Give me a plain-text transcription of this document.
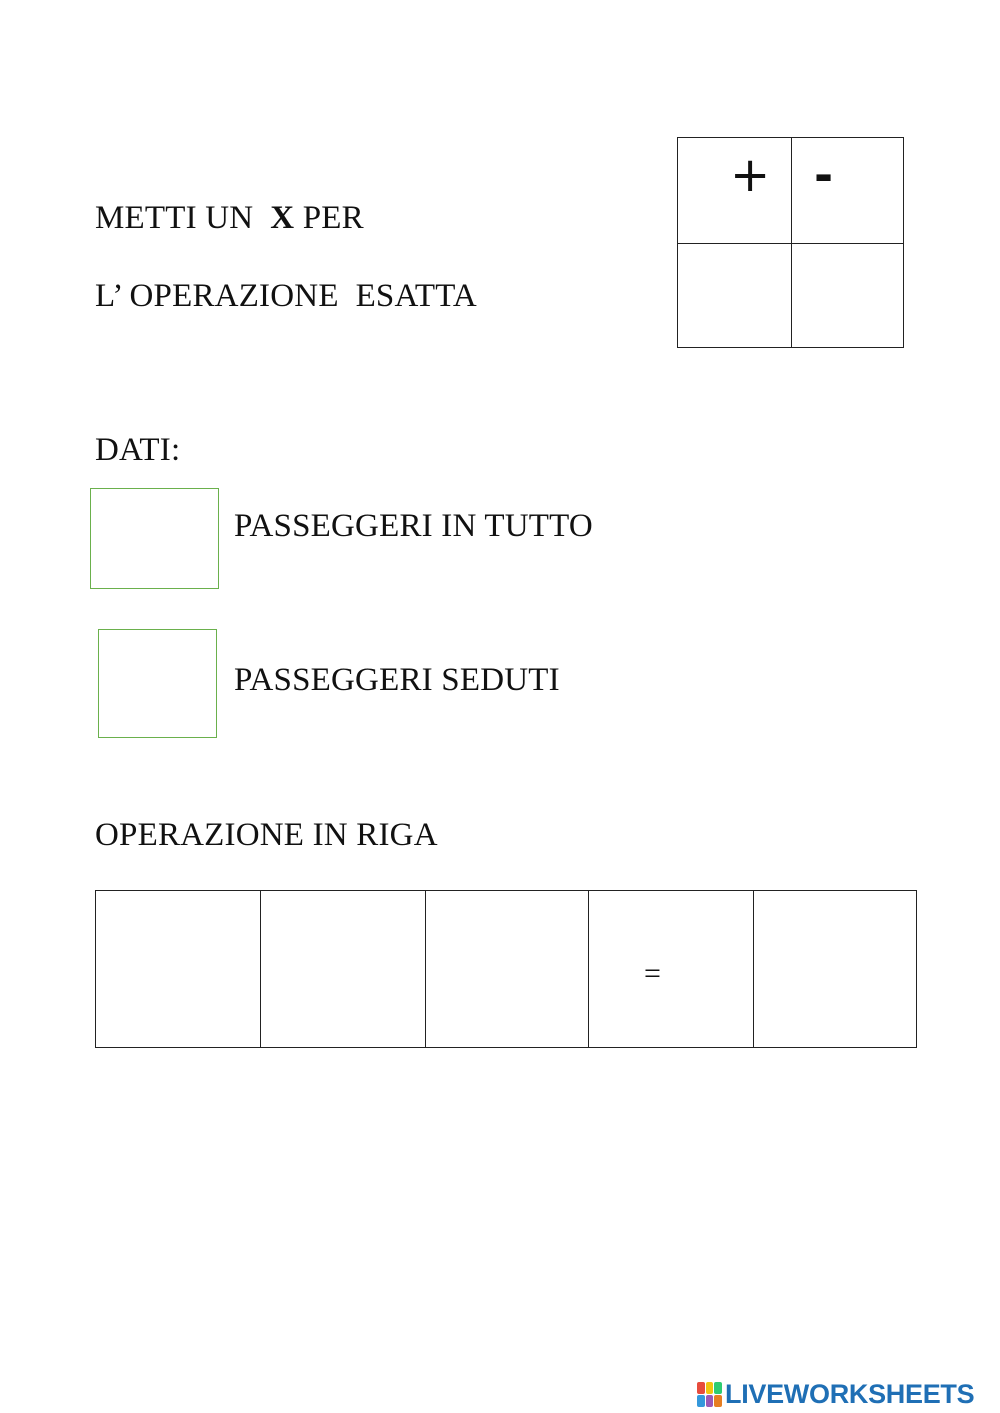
METTI UN  X PER
L’ OPERAZIONE  ESATTA
+ -
DATI:
PASSEGGERI IN TUTTO
PASSEGGERI SEDUTI
OPERAZIONE IN RIGA
=
LIVEWORKSHEETS
